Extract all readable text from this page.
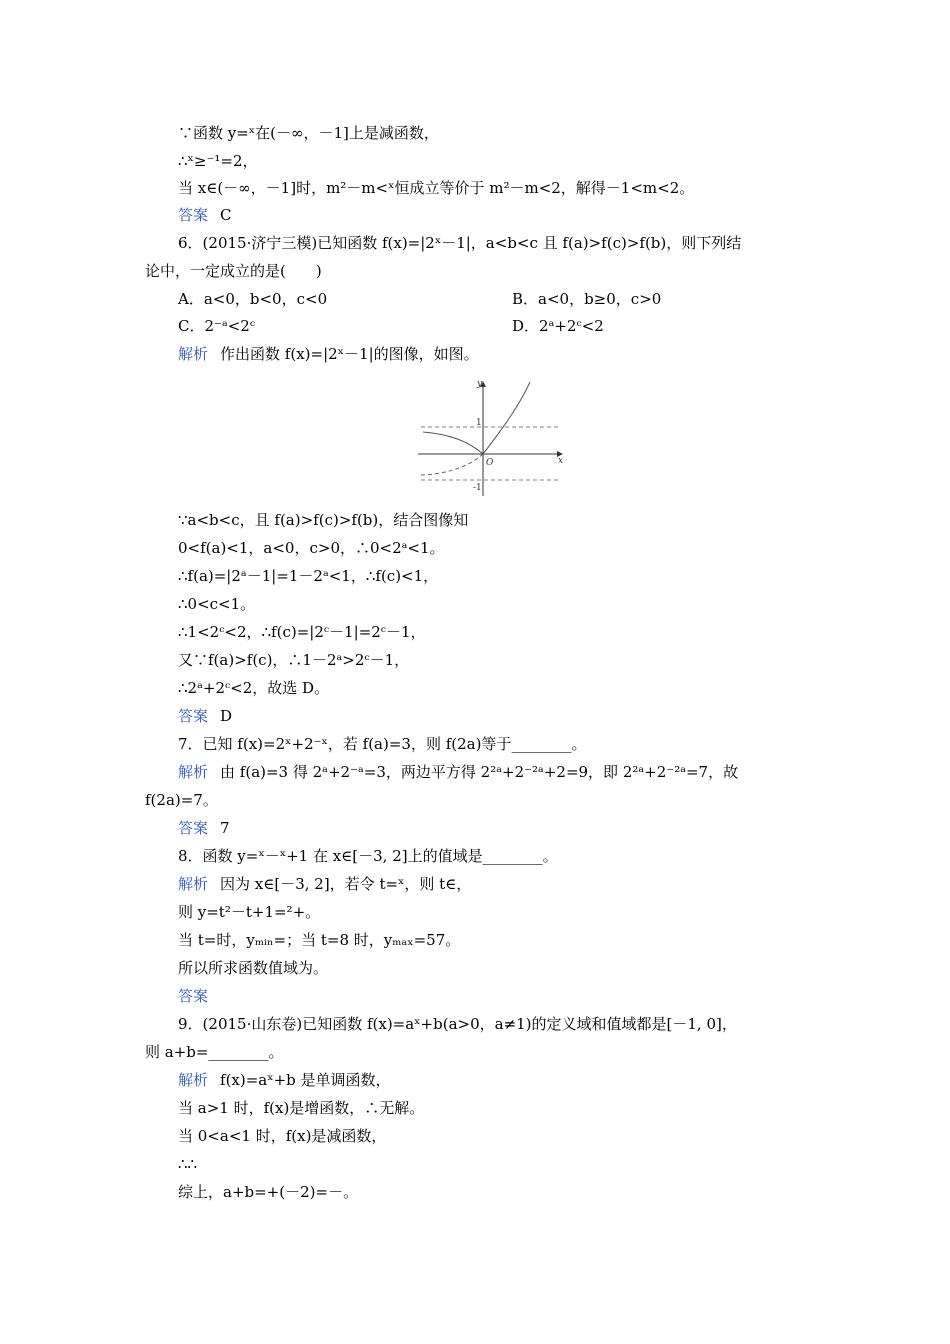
∵函数 y=ˣ在(－∞，－1]上是减函数，
∴ˣ≥⁻¹=2，
当 x∈(－∞，－1]时，m²－m<ˣ恒成立等价于 m²－m<2，解得－1<m<2。
答案 C
6．(2015·济宁三模)已知函数 f(x)=|2ˣ－1|，a<b<c 且 f(a)>f(c)>f(b)，则下列结
论中，一定成立的是(　　)
A．a<0，b<0，c<0	B．a<0，b≥0，c>0
C．2⁻ᵃ<2ᶜ	D．2ᵃ+2ᶜ<2
解析 作出函数 f(x)=|2ˣ－1|的图像，如图。
y
x
O
1
-1
∵a<b<c，且 f(a)>f(c)>f(b)，结合图像知
0<f(a)<1，a<0，c>0，∴0<2ᵃ<1。
∴f(a)=|2ᵃ－1|=1－2ᵃ<1，∴f(c)<1，
∴0<c<1。
∴1<2ᶜ<2，∴f(c)=|2ᶜ－1|=2ᶜ－1，
又∵f(a)>f(c)，∴1－2ᵃ>2ᶜ－1，
∴2ᵃ+2ᶜ<2，故选 D。
答案 D
7．已知 f(x)=2ˣ+2⁻ˣ，若 f(a)=3，则 f(2a)等于________。
解析 由 f(a)=3 得 2ᵃ+2⁻ᵃ=3，两边平方得 2²ᵃ+2⁻²ᵃ+2=9，即 2²ᵃ+2⁻²ᵃ=7，故
f(2a)=7。
答案 7
8．函数 y=ˣ－ˣ+1 在 x∈[－3, 2]上的值域是________。
解析 因为 x∈[－3, 2]，若令 t=ˣ，则 t∈，
则 y=t²－t+1=²+。
当 t=时，yₘᵢₙ=；当 t=8 时，yₘₐₓ=57。
所以所求函数值域为。
答案
9．(2015·山东卷)已知函数 f(x)=aˣ+b(a>0，a≠1)的定义域和值域都是[－1, 0]，
则 a+b=________。
解析 f(x)=aˣ+b 是单调函数，
当 a>1 时，f(x)是增函数，∴无解。
当 0<a<1 时，f(x)是减函数，
∴∴
综上，a+b=+(－2)=－。
